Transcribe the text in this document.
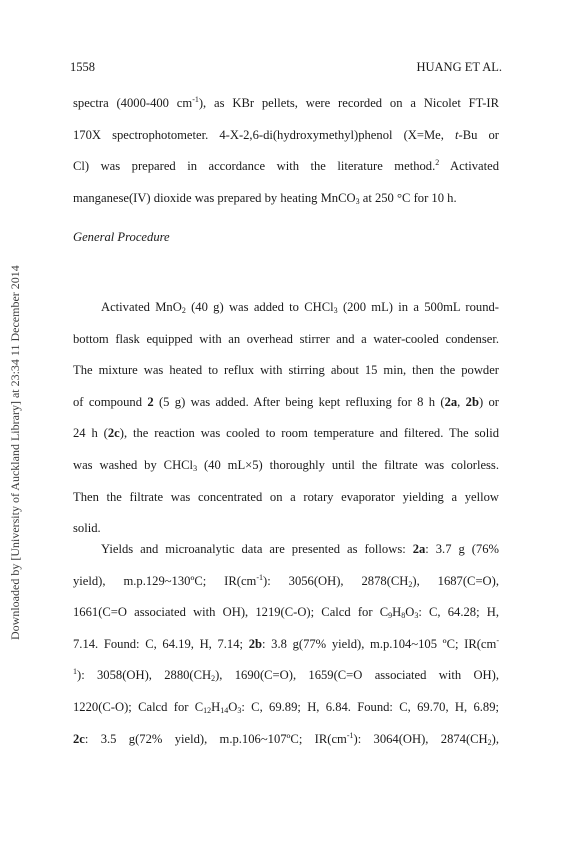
1558	HUANG ET AL.
Downloaded by [University of Auckland Library] at 23:34 11 December 2014
spectra (4000-400 $cm^{-1}$), as KBr pellets, were recorded on a Nicolet FT-IR
170X spectrophotometer. 4-X-2,6-di(hydroxymethyl)phenol (X=Me, t-Bu or
Cl) was prepared in accordance with the literature method.$^2$ Activated
manganese(IV) dioxide was prepared by heating MnCO$_3$ at 250 °C for 10 h.
General Procedure
Activated MnO$_2$ (40 g) was added to CHCl$_3$ (200 mL) in a 500mL round-
bottom flask equipped with an overhead stirrer and a water-cooled condenser.
The mixture was heated to reflux with stirring about 15 min, then the powder
of compound 2 (5 g) was added. After being kept refluxing for 8 h (2a, 2b) or
24 h (2c), the reaction was cooled to room temperature and filtered. The solid
was washed by CHCl$_3$ (40 mL×5) thoroughly until the filtrate was colorless.
Then the filtrate was concentrated on a rotary evaporator yielding a yellow
solid.
Yields and microanalytic data are presented as follows: 2a: 3.7 g (76%
yield), m.p.129~130ºC; $IR(cm^{-1})$: 3056(OH), $2878(CH_2)$, 1687(C=O),
1661(C=O associated with OH), 1219(C-O); Calcd for $C_9H_8O_3$: C, 64.28; H,
7.14. Found: C, 64.19, H, 7.14; 2b: 3.8 g(77% yield), m.p.104~105 ºC; IR(cm-
$^1$): 3058(OH), $2880(CH_2)$, 1690(C=O), 1659(C=O associated with OH),
1220(C-O); Calcd for $C_{12}H_{14}O_3$: C, 69.89; H, 6.84. Found: C, 69.70, H, 6.89;
2c: 3.5 g(72% yield), m.p.106~107ºC; $IR(cm^{-1})$: 3064(OH), $2874(CH_2)$,
